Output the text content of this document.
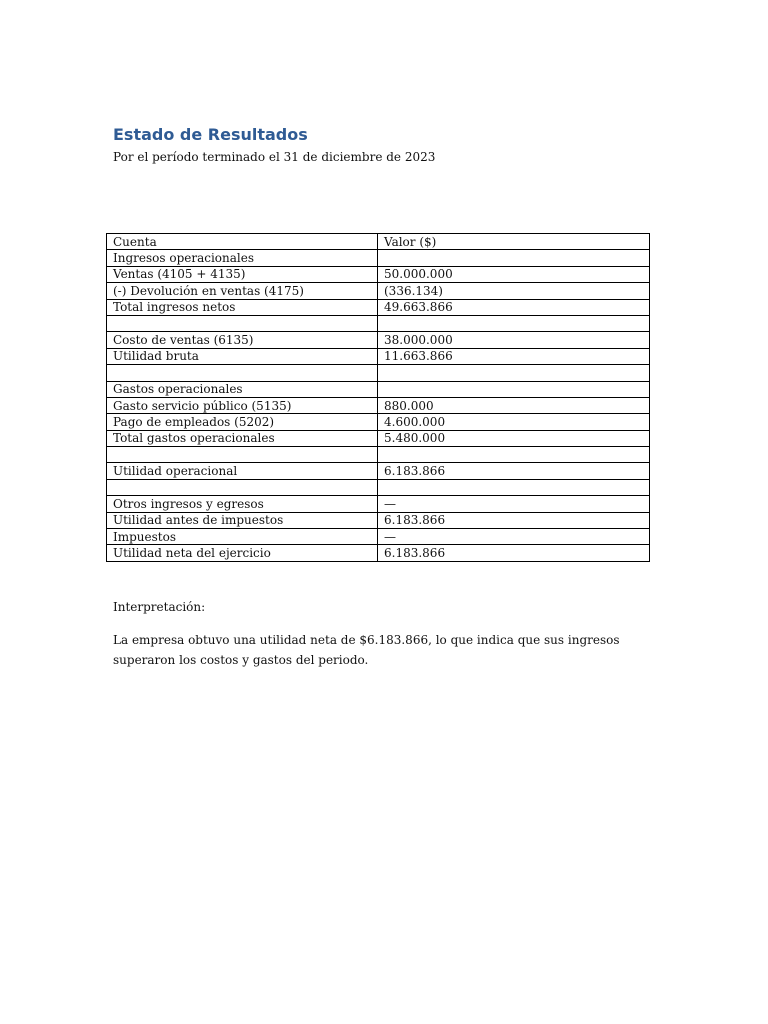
Estado de Resultados

Por el período terminado el 31 de diciembre de 2023

Cuenta	Valor ($)
Ingresos operacionales	
Ventas (4105 + 4135)	50.000.000
(-) Devolución en ventas (4175)	(336.134)
Total ingresos netos	49.663.866

Costo de ventas (6135)	38.000.000
Utilidad bruta	11.663.866

Gastos operacionales	
Gasto servicio público (5135)	880.000
Pago de empleados (5202)	4.600.000
Total gastos operacionales	5.480.000

Utilidad operacional	6.183.866

Otros ingresos y egresos	—
Utilidad antes de impuestos	6.183.866
Impuestos	—
Utilidad neta del ejercicio	6.183.866

Interpretación:

La empresa obtuvo una utilidad neta de $6.183.866, lo que indica que sus ingresos superaron los costos y gastos del periodo.
